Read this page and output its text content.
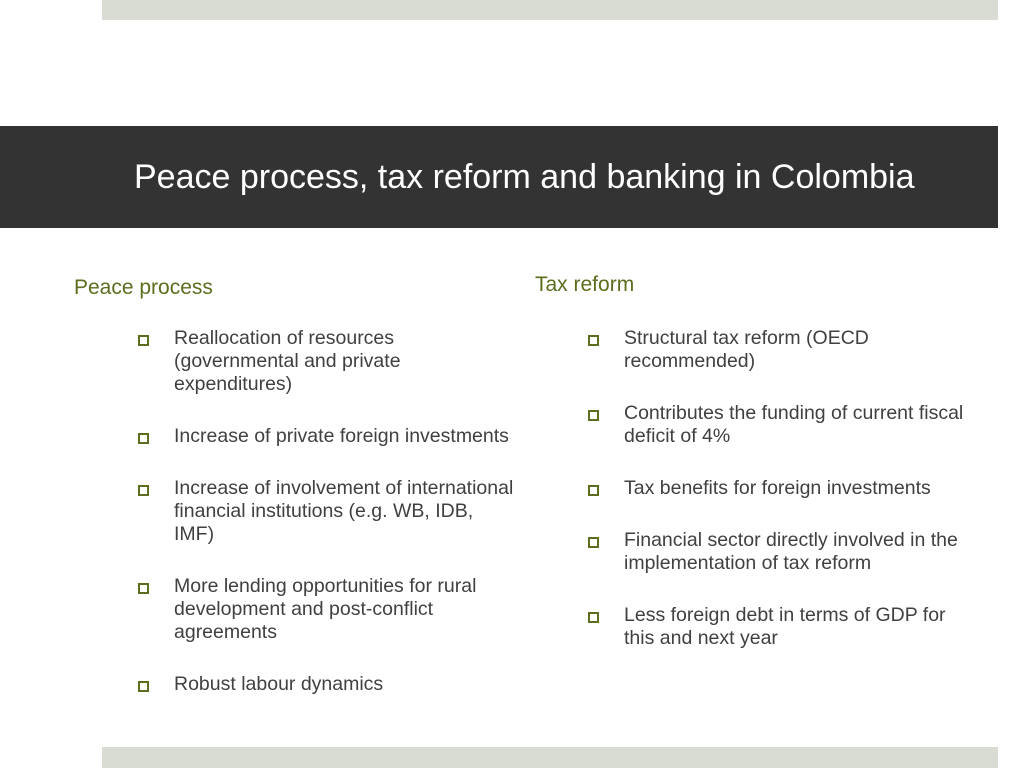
Peace process, tax reform and banking in Colombia
Peace process	Tax reform
Reallocation of resources (governmental and private expenditures)
Increase of private foreign investments
Increase of involvement of international financial institutions (e.g. WB, IDB, IMF)
More lending opportunities for rural development and post-conflict agreements
Robust labour dynamics
Structural tax reform (OECD recommended)
Contributes the funding of current fiscal deficit of 4%
Tax benefits for foreign investments
Financial sector directly involved in the implementation of tax reform
Less foreign debt in terms of GDP for this and next year
